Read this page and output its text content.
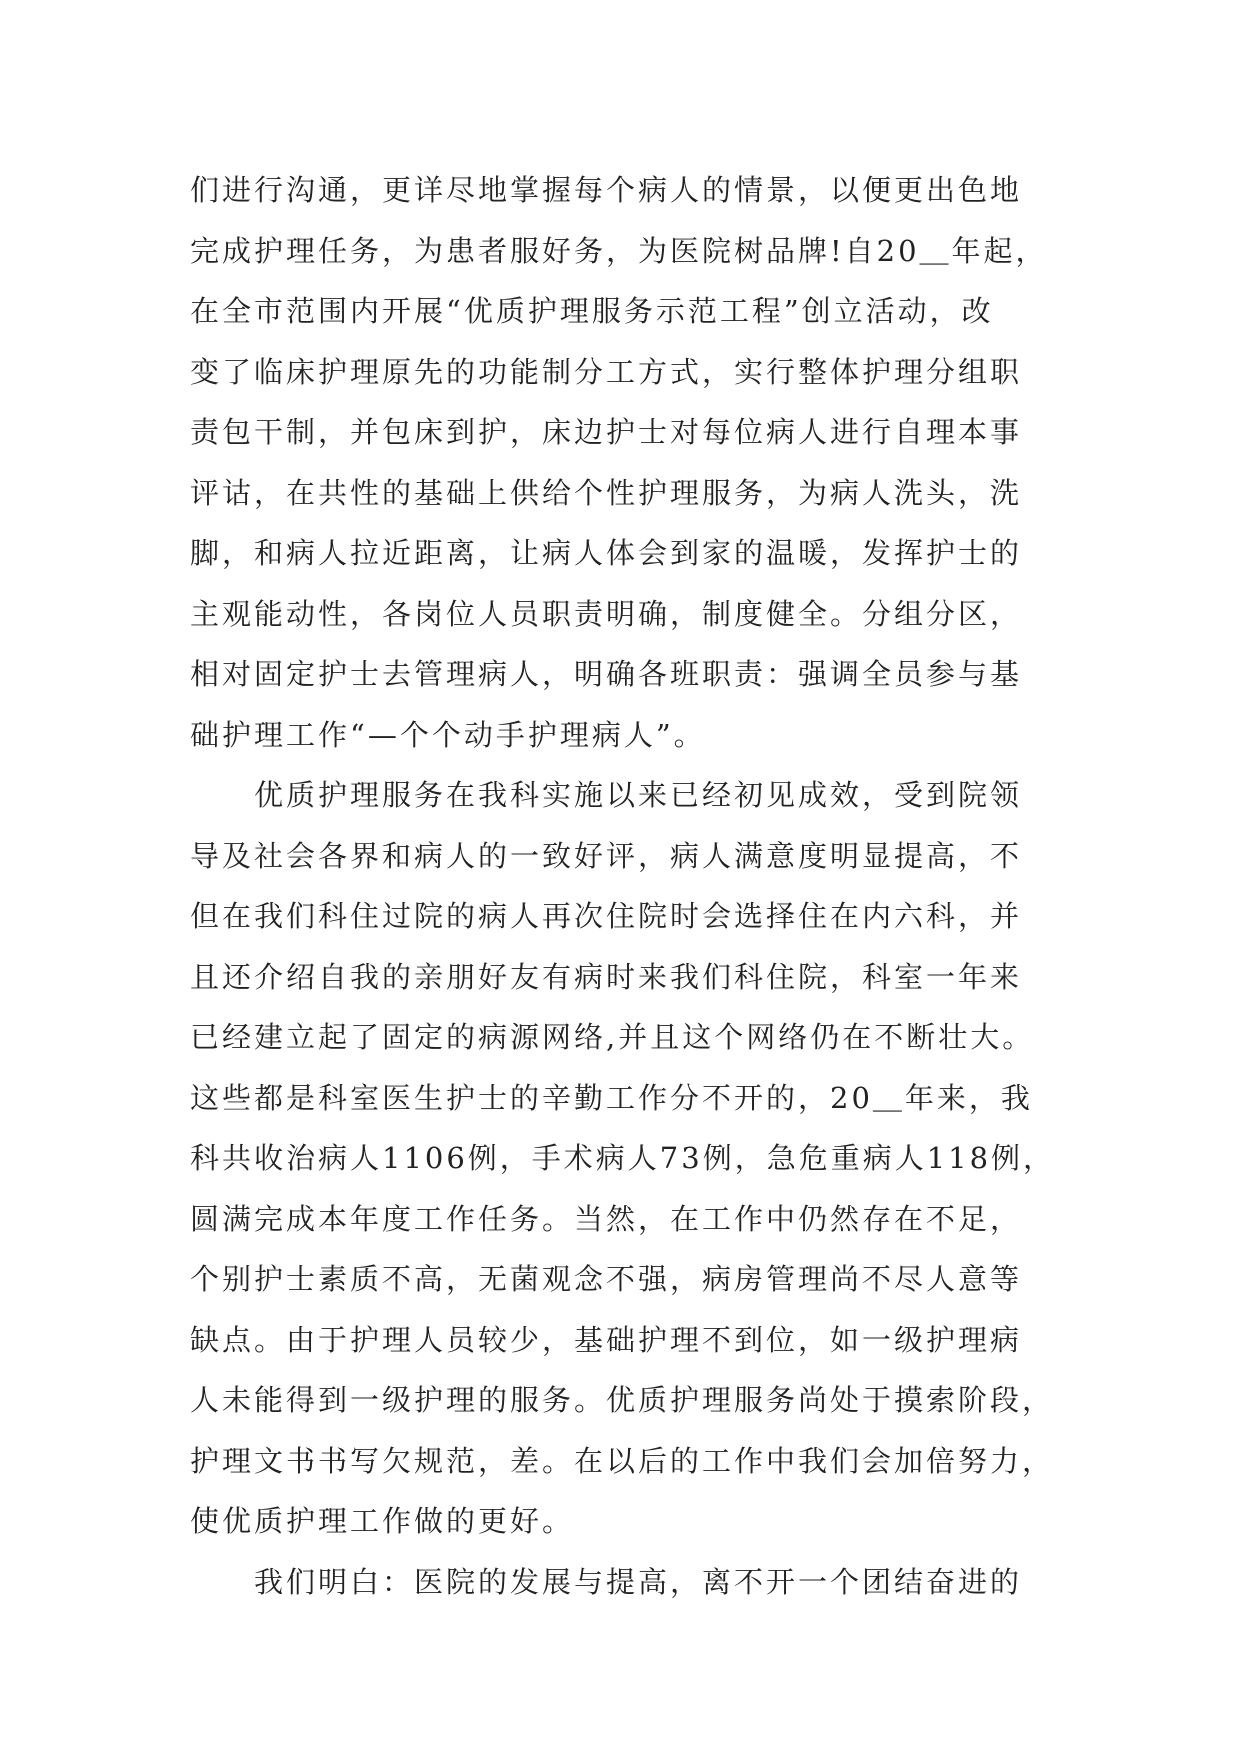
们进行沟通，更详尽地掌握每个病人的情景，以便更出色地
完成护理任务，为患者服好务，为医院树品牌!自20＿年起，
在全市范围内开展“优质护理服务示范工程”创立活动，改
变了临床护理原先的功能制分工方式，实行整体护理分组职
责包干制，并包床到护，床边护士对每位病人进行自理本事
评诂，在共性的基础上供给个性护理服务，为病人洗头，洗
脚，和病人拉近距离，让病人体会到家的温暖，发挥护士的
主观能动性，各岗位人员职责明确，制度健全。分组分区，
相对固定护士去管理病人，明确各班职责：强调全员参与基
础护理工作“—个个动手护理病人”。
优质护理服务在我科实施以来已经初见成效，受到院领
导及社会各界和病人的一致好评，病人满意度明显提高，不
但在我们科住过院的病人再次住院时会选择住在内六科，并
且还介绍自我的亲朋好友有病时来我们科住院，科室一年来
已经建立起了固定的病源网络,并且这个网络仍在不断壮大。
这些都是科室医生护士的辛勤工作分不开的，20＿年来，我
科共收治病人1106例，手术病人73例，急危重病人118例，
圆满完成本年度工作任务。当然，在工作中仍然存在不足，
个别护士素质不高，无菌观念不强，病房管理尚不尽人意等
缺点。由于护理人员较少，基础护理不到位，如一级护理病
人未能得到一级护理的服务。优质护理服务尚处于摸索阶段，
护理文书书写欠规范，差。在以后的工作中我们会加倍努力，
使优质护理工作做的更好。
我们明白：医院的发展与提高，离不开一个团结奋进的
